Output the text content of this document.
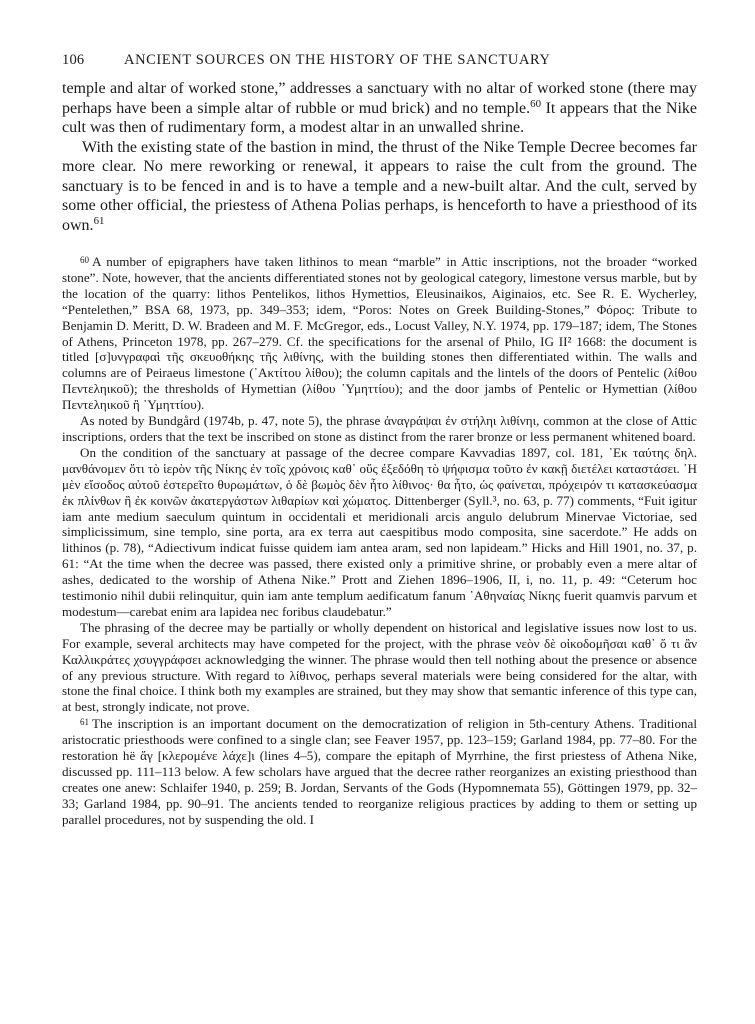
106	ANCIENT SOURCES ON THE HISTORY OF THE SANCTUARY

temple and altar of worked stone,” addresses a sanctuary with no altar of worked stone (there may perhaps have been a simple altar of rubble or mud brick) and no temple.$^{60}$ It appears that the Nike cult was then of rudimentary form, a modest altar in an unwalled shrine.

With the existing state of the bastion in mind, the thrust of the Nike Temple Decree becomes far more clear. No mere reworking or renewal, it appears to raise the cult from the ground. The sanctuary is to be fenced in and is to have a temple and a new-built altar. And the cult, served by some other official, the priestess of Athena Polias perhaps, is henceforth to have a priesthood of its own.$^{61}$

$^{60}$ A number of epigraphers have taken lithinos to mean “marble” in Attic inscriptions, not the broader “worked stone”. Note, however, that the ancients differentiated stones not by geological category, limestone versus marble, but by the location of the quarry: lithos Pentelikos, lithos Hymettios, Eleusinaikos, Aiginaios, etc. See R. E. Wycherley, “Pentelethen,” BSA 68, 1973, pp. 349–353; idem, “Poros: Notes on Greek Building-Stones,” Φόρος: Tribute to Benjamin D. Meritt, D. W. Bradeen and M. F. McGregor, eds., Locust Valley, N.Y. 1974, pp. 179–187; idem, The Stones of Athens, Princeton 1978, pp. 267–279. Cf. the specifications for the arsenal of Philo, IG II² 1668: the document is titled [σ]υνγραφαὶ τῆς σκευοθήκης τῆς λιθίνης, with the building stones then differentiated within. The walls and columns are of Peiraeus limestone (᾽Ακτίτου λίθου); the column capitals and the lintels of the doors of Pentelic (λίθου Πεντεληικοῦ); the thresholds of Hymettian (λίθου ᾿Υμηττίου); and the door jambs of Pentelic or Hymettian (λίθου Πεντεληικοῦ ἢ ᾿Υμηττίου).

As noted by Bundgård (1974b, p. 47, note 5), the phrase ἀναγράψαι ἐν στήληι λιθίνηι, common at the close of Attic inscriptions, orders that the text be inscribed on stone as distinct from the rarer bronze or less permanent whitened board.

On the condition of the sanctuary at passage of the decree compare Kavvadias 1897, col. 181, ᾽Εκ ταύτης δηλ. μανθάνομεν ὅτι τὸ ἱερὸν τῆς Νίκης ἐν τοῖς χρόνοις καθ᾽ οὕς ἐξεδόθη τὸ ψήφισμα τοῦτο ἐν κακῇ διετέλει καταστάσει. ᾿Η μὲν εἴσοδος αὐτοῦ ἐστερεῖτο θυρωμάτων, ὁ δὲ βωμὸς δὲν ἦτο λίθινος· θα ἦτο, ὡς φαίνεται, πρόχειρόν τι κατασκεύασμα ἐκ πλίνθων ἢ ἐκ κοινῶν ἀκατεργάστων λιθαρίων καὶ χώματος. Dittenberger (Syll.³, no. 63, p. 77) comments, “Fuit igitur iam ante medium saeculum quintum in occidentali et meridionali arcis angulo delubrum Minervae Victoriae, sed simplicissimum, sine templo, sine porta, ara ex terra aut caespitibus modo composita, sine sacerdote.” He adds on lithinos (p. 78), “Adiectivum indicat fuisse quidem iam antea aram, sed non lapideam.” Hicks and Hill 1901, no. 37, p. 61: “At the time when the decree was passed, there existed only a primitive shrine, or probably even a mere altar of ashes, dedicated to the worship of Athena Nike.” Prott and Ziehen 1896–1906, II, i, no. 11, p. 49: “Ceterum hoc testimonio nihil dubii relinquitur, quin iam ante templum aedificatum fanum ᾽Αθηναίας Νίκης fuerit quamvis parvum et modestum—carebat enim ara lapidea nec foribus claudebatur.”

The phrasing of the decree may be partially or wholly dependent on historical and legislative issues now lost to us. For example, several architects may have competed for the project, with the phrase νεὸν δὲ οἰκοδομῆσαι καθ᾽ ὅ τι ἂν Καλλικράτες χσυγγράφσει acknowledging the winner. The phrase would then tell nothing about the presence or absence of any previous structure. With regard to λίθινος, perhaps several materials were being considered for the altar, with stone the final choice. I think both my examples are strained, but they may show that semantic inference of this type can, at best, strongly indicate, not prove.

$^{61}$ The inscription is an important document on the democratization of religion in 5th-century Athens. Traditional aristocratic priesthoods were confined to a single clan; see Feaver 1957, pp. 123–159; Garland 1984, pp. 77–80. For the restoration hë ἄγ [κλερομένε λάχε]ι (lines 4–5), compare the epitaph of Myrrhine, the first priestess of Athena Nike, discussed pp. 111–113 below. A few scholars have argued that the decree rather reorganizes an existing priesthood than creates one anew: Schlaifer 1940, p. 259; B. Jordan, Servants of the Gods (Hypomnemata 55), Göttingen 1979, pp. 32–33; Garland 1984, pp. 90–91. The ancients tended to reorganize religious practices by adding to them or setting up parallel procedures, not by suspending the old. I
